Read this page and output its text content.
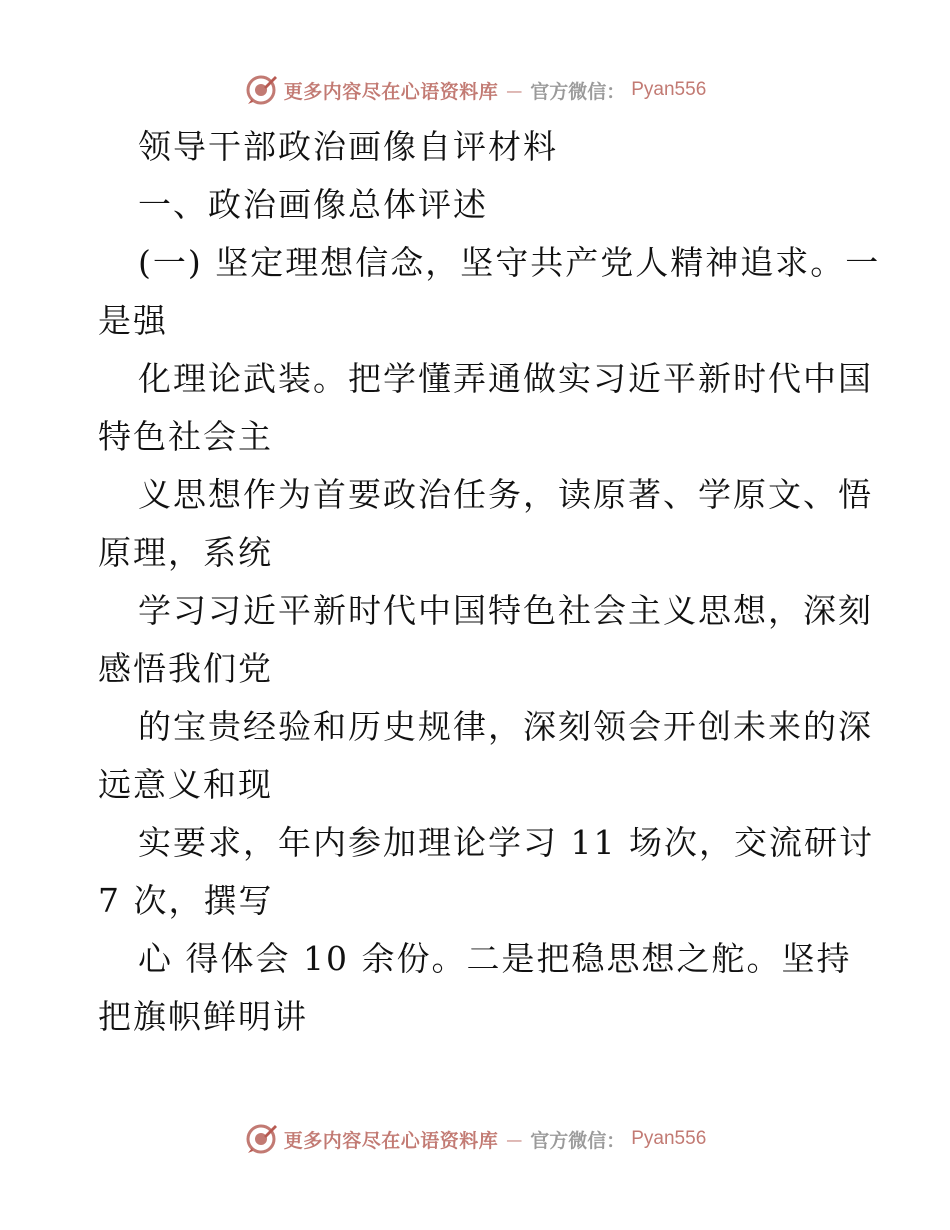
更多内容尽在心语资料库 — 官方微信： Pyan556
领导干部政治画像自评材料
一、政治画像总体评述
(一) 坚定理想信念，坚守共产党人精神追求。一
是强
化理论武装。把学懂弄通做实习近平新时代中国
特色社会主
义思想作为首要政治任务，读原著、学原文、悟
原理，系统
学习习近平新时代中国特色社会主义思想，深刻
感悟我们党
的宝贵经验和历史规律，深刻领会开创未来的深
远意义和现
实要求，年内参加理论学习 11 场次，交流研讨
7 次，撰写
心 得体会 10 余份。二是把稳思想之舵。坚持
把旗帜鲜明讲
更多内容尽在心语资料库 — 官方微信： Pyan556
